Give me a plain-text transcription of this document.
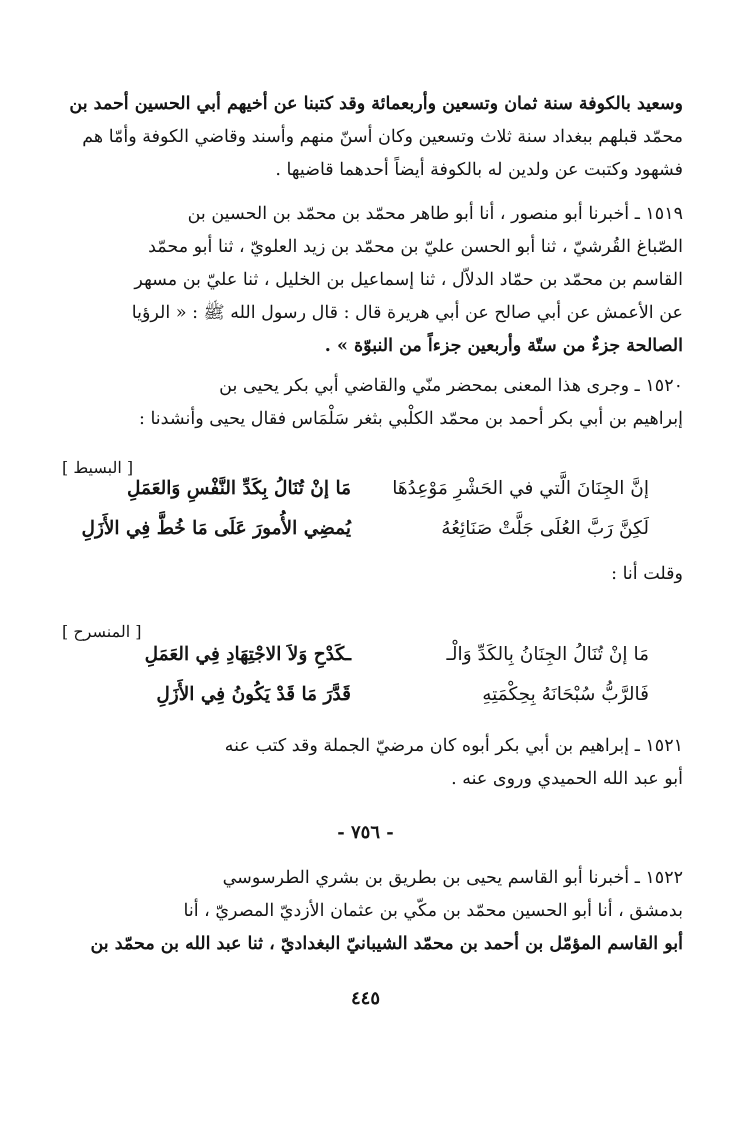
وسعيد بالكوفة سنة ثمان وتسعين وأربعمائة وقد كتبنا عن أخيهم أبي الحسين أحمد بن
محمّد قبلهم ببغداد سنة ثلاث وتسعين وكان أسنّ منهم وأسند وقاضي الكوفة وأمّا هم
فشهود وكتبت عن ولدين له بالكوفة أيضاً أحدهما قاضيها .
١٥١٩ ـ أخبرنا أبو منصور ، أنا أبو طاهر محمّد بن محمّد بن الحسين بن
الصّباغ القُرشيّ ، ثنا أبو الحسن عليّ بن محمّد بن زيد العلويّ ، ثنا أبو محمّد
القاسم بن محمّد بن حمّاد الدلاّل ، ثنا إسماعيل بن الخليل ، ثنا عليّ بن مسهر
عن الأعمش عن أبي صالح عن أبي هريرة قال : قال رسول الله ﷺ : « الرؤيا
الصالحة جزءٌ من ستّة وأربعين جزءاً من النبوّة » .
١٥٢٠ ـ وجرى هذا المعنى بمحضر منّي والقاضي أبي بكر يحيى بن
إبراهيم بن أبي بكر أحمد بن محمّد الكلْبي بثغر سَلْمَاس فقال يحيى وأنشدنا :
[ البسيط ]
إنَّ الجِنَانَ الَّتي في الحَشْرِ مَوْعِدُهَا
مَا إنْ تُنَالُ بِكَدِّ النَّفْسِ وَالعَمَلِ
لَكِنَّ رَبَّ العُلَى جَلَّتْ صَنَائِعُهُ
يُمضِي الأُمورَ عَلَى مَا خُطَّ فِي الأَزَلِ
وقلت أنا :
[ المنسرح ]
مَا إنْ تُنَالُ الجِنَانُ بِالكَدِّ وَالْـ
ـكَدْحِ وَلاَ الاجْتِهَادِ فِي العَمَلِ
فَالرَّبُّ سُبْحَانَهُ بِحِكْمَتِهِ
قَدَّرَ مَا قَدْ يَكُونُ فِي الأَزَلِ
١٥٢١ ـ إبراهيم بن أبي بكر أبوه كان مرضيّ الجملة وقد كتب عنه
أبو عبد الله الحميدي وروى عنه .
- ٧٥٦ -
١٥٢٢ ـ أخبرنا أبو القاسم يحيى بن بطريق بن بشري الطرسوسي
بدمشق ، أنا أبو الحسين محمّد بن مكّي بن عثمان الأزديّ المصريّ ، أنا
أبو القاسم المؤمّل بن أحمد بن محمّد الشيبانيّ البغداديّ ، ثنا عبد الله بن محمّد بن
٤٤٥
